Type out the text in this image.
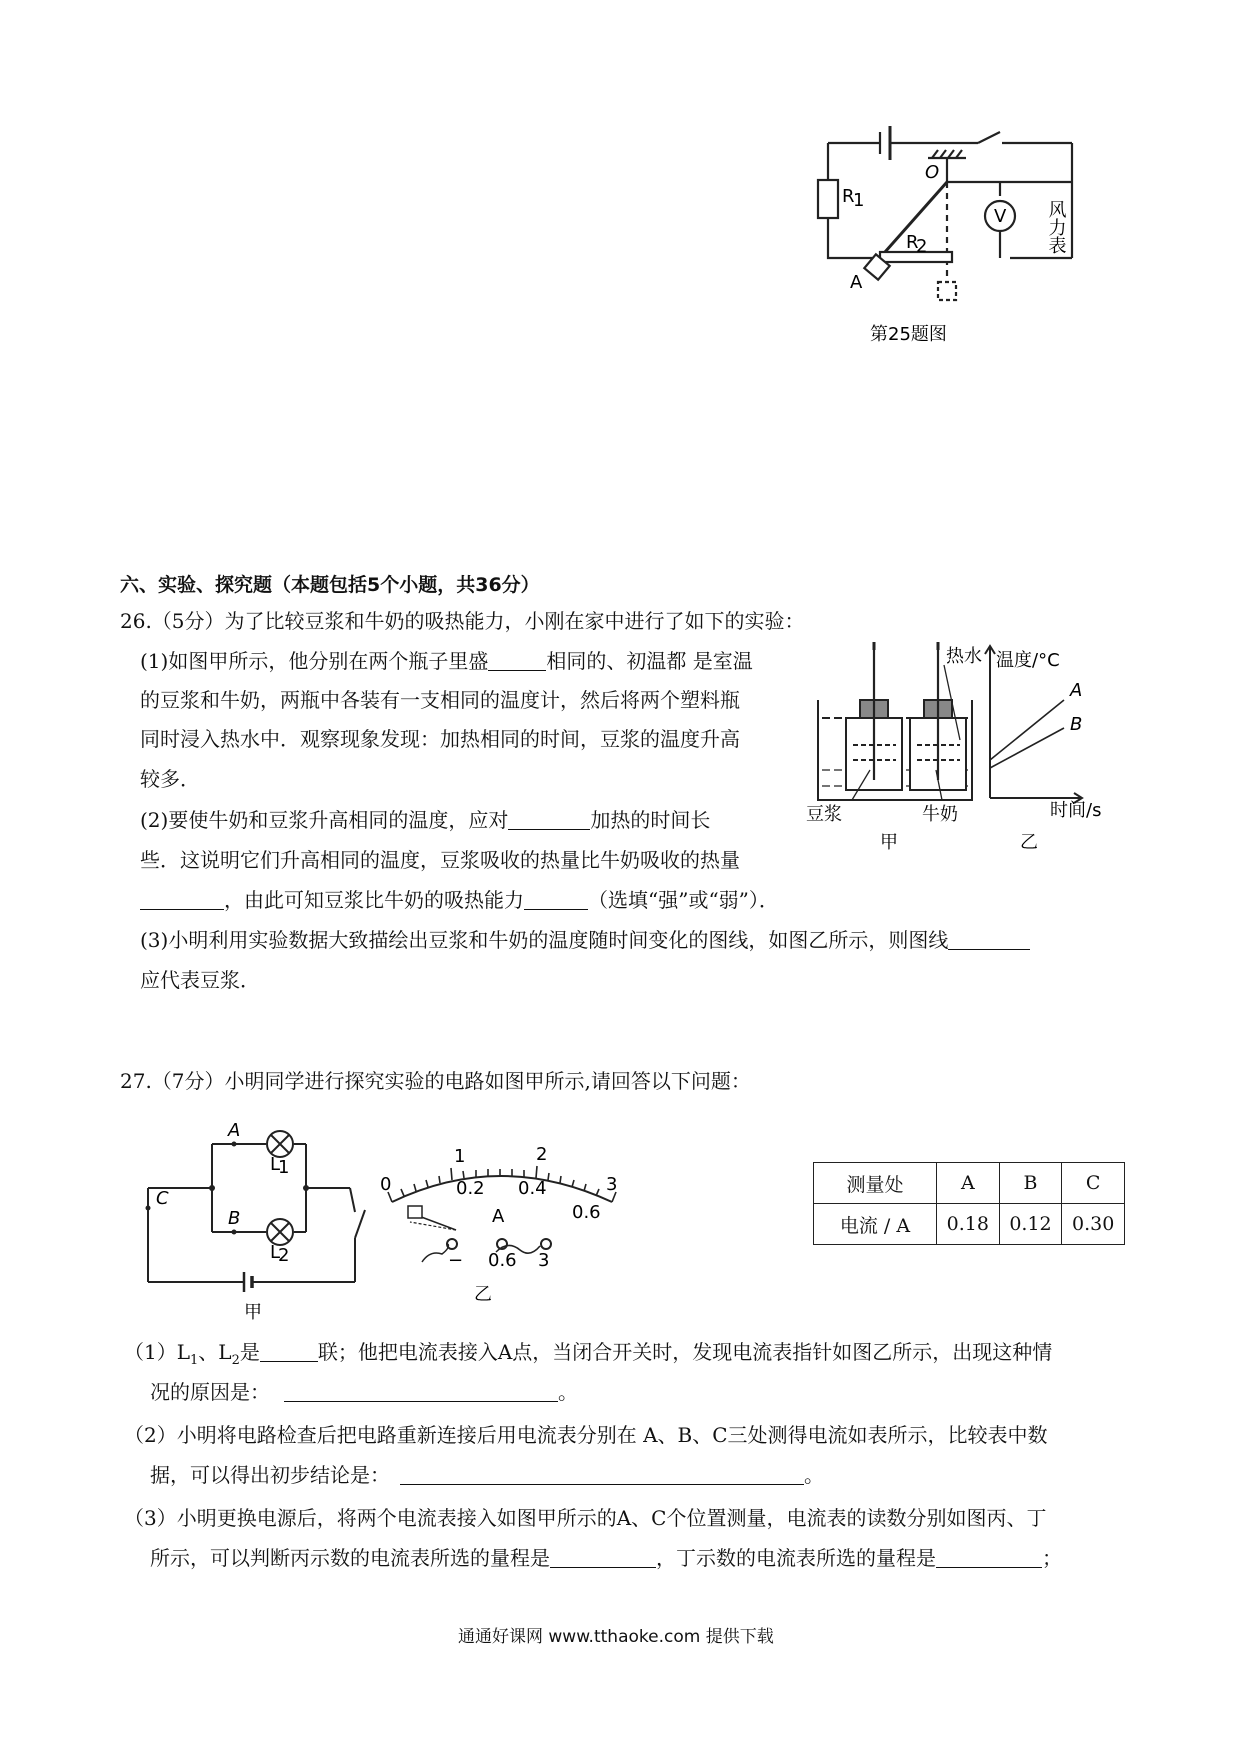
R
1
O
V 风力表
A
R
2
第25题图
六、实验、探究题（本题包括5个小题，共36分）
26.（5分）为了比较豆浆和牛奶的吸热能力，小刚在家中进行了如下的实验：
(1)如图甲所示，他分别在两个瓶子里盛	相同的、初温都 是室温
的豆浆和牛奶，两瓶中各装有一支相同的温度计，然后将两个塑料瓶
同时浸入热水中．观察现象发现：加热相同的时间，豆浆的温度升高
较多．
(2)要使牛奶和豆浆升高相同的温度，应对	加热的时间长
些．这说明它们升高相同的温度，豆浆吸收的热量比牛奶吸收的热量
，由此可知豆浆比牛奶的吸热能力	（选填“强”或“弱”）．
(3)小明利用实验数据大致描绘出豆浆和牛奶的温度随时间变化的图线，如图乙所示，则图线
应代表豆浆．
热水
豆浆	牛奶
甲
温度/°C
时间/s
A
B
乙
27.（7分）小明同学进行探究实验的电路如图甲所示,请回答以下问题：
A
B
C
L
1
L
2
甲
1	2
3
0	0.2 0.4
0.6
A
− 0.6 3
乙
测量处	A	B	C
电流 / A	0.18	0.12	0.30
$(1)L_1$、$L_2$是	联；他把电流表接入A点，当闭合开关时，发现电流表指针如图乙所示，出现这种情
况的原因是：	。
（2）小明将电路检查后把电路重新连接后用电流表分别在 A、B、C三处测得电流如表所示，比较表中数
据，可以得出初步结论是：	。
（3）小明更换电源后，将两个电流表接入如图甲所示的A、C个位置测量，电流表的读数分别如图丙、丁
所示，可以判断丙示数的电流表所选的量程是	，丁示数的电流表所选的量程是	；
通通好课网 www.tthaoke.com 提供下载
